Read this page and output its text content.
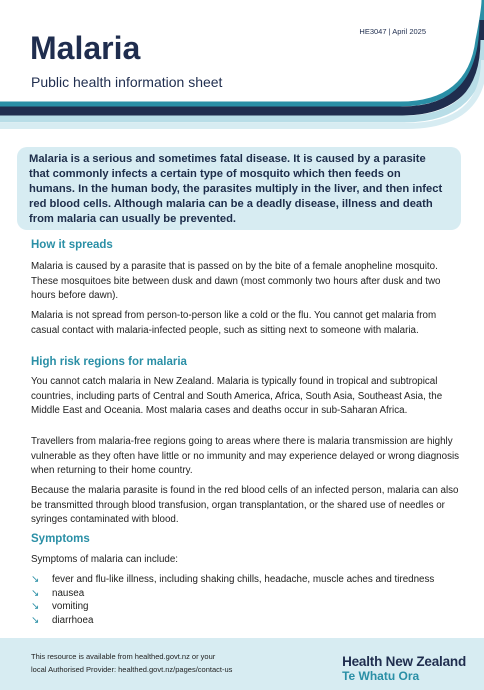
HE3047 | April 2025
Malaria
Public health information sheet
Malaria is a serious and sometimes fatal disease. It is caused by a parasite that commonly infects a certain type of mosquito which then feeds on humans. In the human body, the parasites multiply in the liver, and then infect red blood cells. Although malaria can be a deadly disease, illness and death from malaria can usually be prevented.
How it spreads

Malaria is caused by a parasite that is passed on by the bite of a female anopheline mosquito. These mosquitoes bite between dusk and dawn (most commonly two hours after dusk and two hours before dawn).

Malaria is not spread from person-to-person like a cold or the flu. You cannot get malaria from casual contact with malaria-infected people, such as sitting next to someone with malaria.

High risk regions for malaria

You cannot catch malaria in New Zealand. Malaria is typically found in tropical and subtropical countries, including parts of Central and South America, Africa, South Asia, Southeast Asia, the Middle East and Oceania. Most malaria cases and deaths occur in sub-Saharan Africa.

Travellers from malaria-free regions going to areas where there is malaria transmission are highly vulnerable as they often have little or no immunity and may experience delayed or wrong diagnosis when returning to their home country.

Because the malaria parasite is found in the red blood cells of an infected person, malaria can also be transmitted through blood transfusion, organ transplantation, or the shared use of needles or syringes contaminated with blood.

Symptoms

Symptoms of malaria can include:

↘ fever and flu-like illness, including shaking chills, headache, muscle aches and tiredness
↘ nausea
↘ vomiting
↘ diarrhoea
This resource is available from healthed.govt.nz or your
local Authorised Provider: healthed.govt.nz/pages/contact-us
Health New Zealand
Te Whatu Ora
